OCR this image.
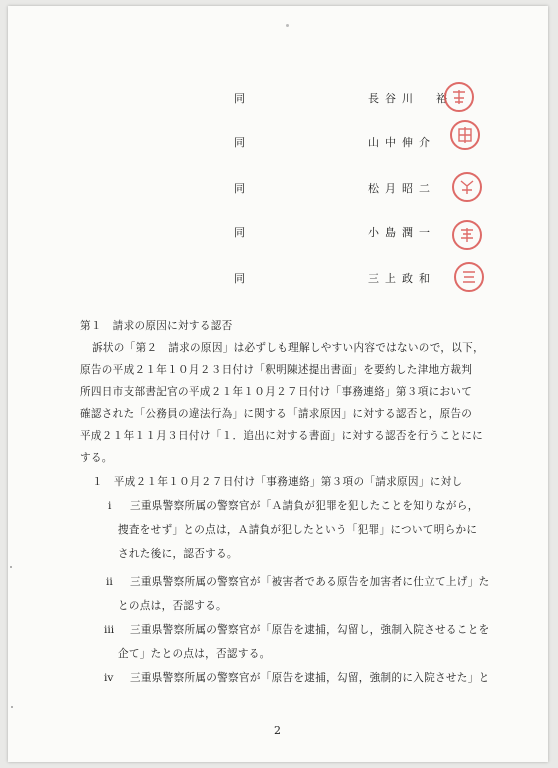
同	長谷川　裕
同	山中伸介
同	松月昭二
同	小島潤一
同	三上政和
第１　請求の原因に対する認否
訴状の「第２　請求の原因」は必ずしも理解しやすい内容ではないので，以下，
原告の平成２１年１０月２３日付け「釈明陳述提出書面」を要約した津地方裁判
所四日市支部書記官の平成２１年１０月２７日付け「事務連絡」第３項において
確認された「公務員の違法行為」に関する「請求原因」に対する認否と，原告の
平成２１年１１月３日付け「１．追出に対する書面」に対する認否を行うことにに
する。
１　平成２１年１０月２７日付け「事務連絡」第３項の「請求原因」に対し
ⅰ 三重県警察所属の警察官が「Ａ請負が犯罪を犯したことを知りながら，
捜査をせず」との点は，Ａ請負が犯したという「犯罪」について明らかに
された後に，認否する。
ⅱ 三重県警察所属の警察官が「被害者である原告を加害者に仕立て上げ」た
との点は，否認する。
ⅲ 三重県警察所属の警察官が「原告を逮捕，勾留し，強制入院させることを
企て」たとの点は，否認する。
ⅳ 三重県警察所属の警察官が「原告を逮捕，勾留，強制的に入院させた」と
2
